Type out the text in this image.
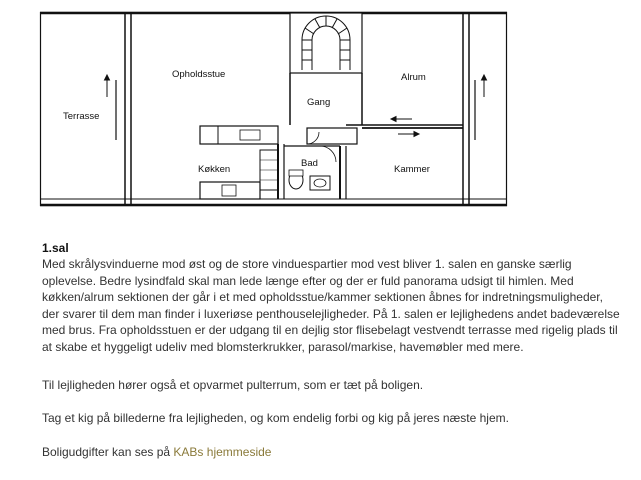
Opholdsstue	Alrum
Gang
Terrasse
Køkken
Bad
Kammer

1.sal

Med skrålysvinduerne mod øst og de store vinduespartier mod vest bliver 1. salen en ganske særlig

oplevelse. Bedre lysindfald skal man lede længe efter og der er fuld panorama udsigt til himlen. Med

køkken/alrum sektionen der går i et med opholdsstue/kammer sektionen åbnes for indretningsmuligheder,

der svarer til dem man finder i luxeriøse penthouselejligheder. På 1. salen er lejlighedens andet badeværelse

med brus. Fra opholdsstuen er der udgang til en dejlig stor flisebelagt vestvendt terrasse med rigelig plads til

at skabe et hyggeligt udeliv med blomsterkrukker, parasol/markise, havemøbler med mere.

Til lejligheden hører også et opvarmet pulterrum, som er tæt på boligen.

Tag et kig på billederne fra lejligheden, og kom endelig forbi og kig på jeres næste hjem.

Boligudgifter kan ses på KABs hjemmeside
